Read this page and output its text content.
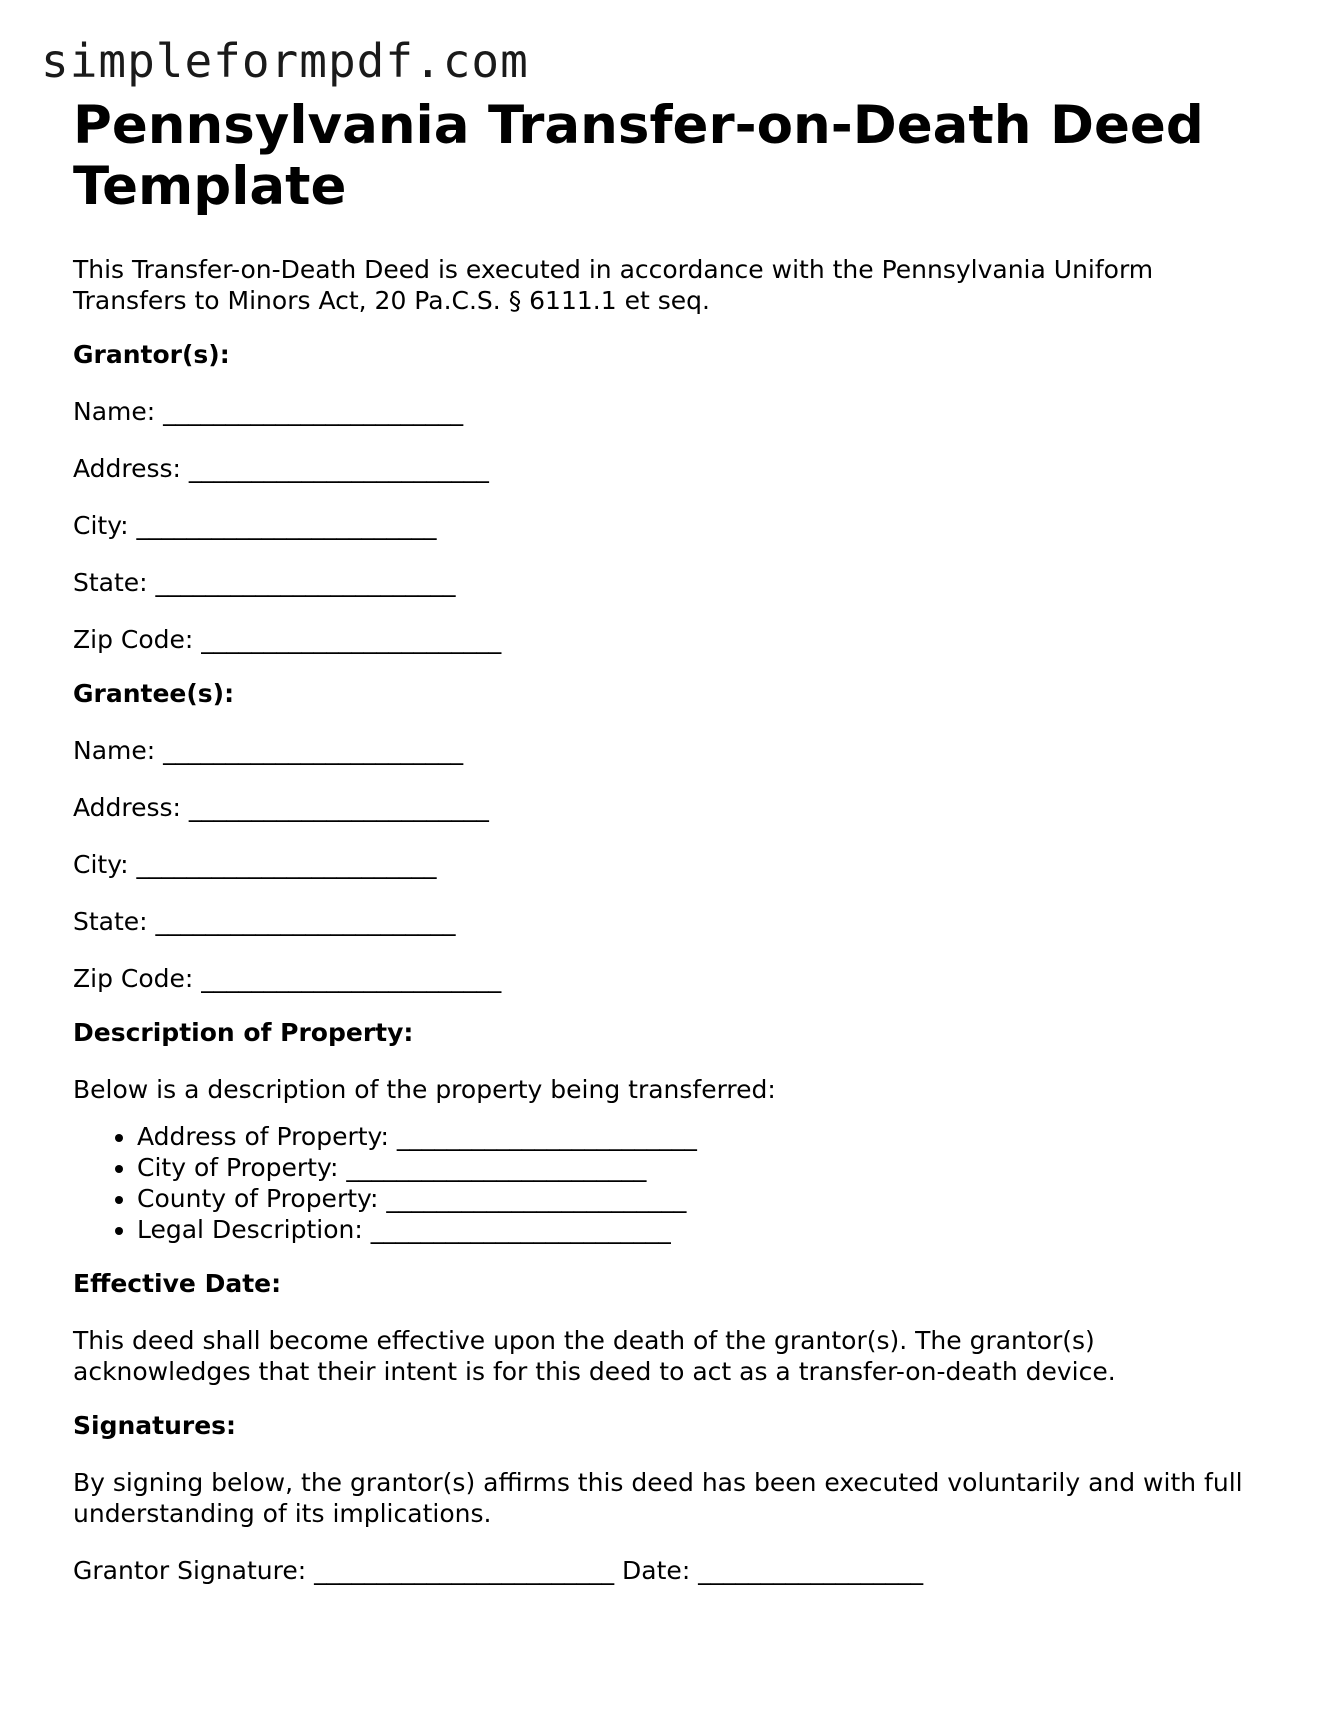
simpleformpdf.com
Pennsylvania Transfer-on-Death Deed Template

This Transfer-on-Death Deed is executed in accordance with the Pennsylvania Uniform Transfers to Minors Act, 20 Pa.C.S. § 6111.1 et seq.

Grantor(s):
Name: ________________________
Address: ________________________
City: ________________________
State: ________________________
Zip Code: ________________________
Grantee(s):
Name: ________________________
Address: ________________________
City: ________________________
State: ________________________
Zip Code: ________________________
Description of Property:

Below is a description of the property being transferred:

• Address of Property: ________________________
• City of Property: ________________________
• County of Property: ________________________
• Legal Description: ________________________
Effective Date:

This deed shall become effective upon the death of the grantor(s). The grantor(s) acknowledges that their intent is for this deed to act as a transfer-on-death device.

Signatures:

By signing below, the grantor(s) affirms this deed has been executed voluntarily and with full understanding of its implications.

Grantor Signature: ________________________ Date: __________________
